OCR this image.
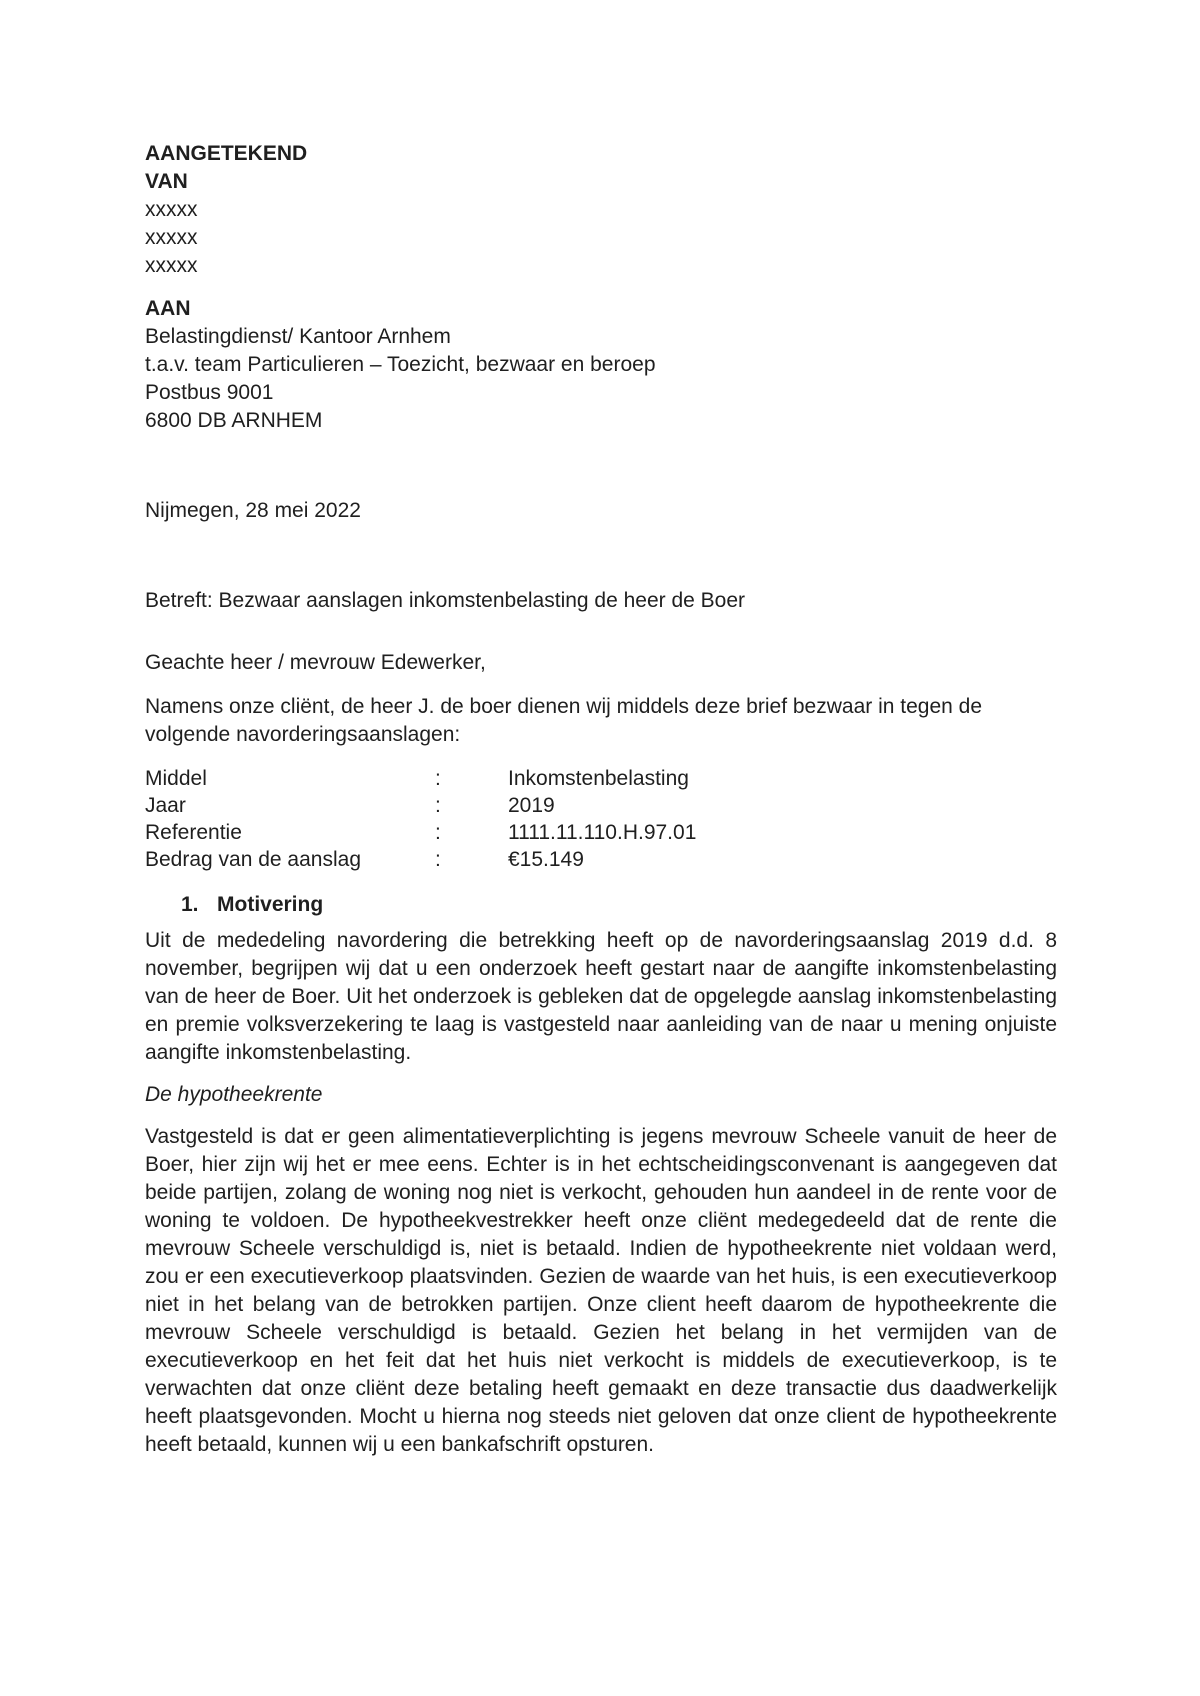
AANGETEKEND
VAN
xxxxx
xxxxx
xxxxx
AAN
Belastingdienst/ Kantoor Arnhem
t.a.v. team Particulieren – Toezicht, bezwaar en beroep
Postbus 9001
6800 DB ARNHEM

Nijmegen, 28 mei 2022

Betreft: Bezwaar aanslagen inkomstenbelasting de heer de Boer

Geachte heer / mevrouw Edewerker,

Namens onze cliënt, de heer J. de boer dienen wij middels deze brief bezwaar in tegen de volgende navorderingsaanslagen:

Middel	:	Inkomstenbelasting
Jaar	:	2019
Referentie	:	1111.11.110.H.97.01
Bedrag van de aanslag	:	€15.149
1. Motivering

Uit de mededeling navordering die betrekking heeft op de navorderingsaanslag 2019 d.d. 8 november, begrijpen wij dat u een onderzoek heeft gestart naar de aangifte inkomstenbelasting van de heer de Boer. Uit het onderzoek is gebleken dat de opgelegde aanslag inkomstenbelasting en premie volksverzekering te laag is vastgesteld naar aanleiding van de naar u mening onjuiste aangifte inkomstenbelasting.

De hypotheekrente

Vastgesteld is dat er geen alimentatieverplichting is jegens mevrouw Scheele vanuit de heer de Boer, hier zijn wij het er mee eens. Echter is in het echtscheidingsconvenant is aangegeven dat beide partijen, zolang de woning nog niet is verkocht, gehouden hun aandeel in de rente voor de woning te voldoen. De hypotheekvestrekker heeft onze cliënt medegedeeld dat de rente die mevrouw Scheele verschuldigd is, niet is betaald. Indien de hypotheekrente niet voldaan werd, zou er een executieverkoop plaatsvinden. Gezien de waarde van het huis, is een executieverkoop niet in het belang van de betrokken partijen. Onze client heeft daarom de hypotheekrente die mevrouw Scheele verschuldigd is betaald. Gezien het belang in het vermijden van de executieverkoop en het feit dat het huis niet verkocht is middels de executieverkoop, is te verwachten dat onze cliënt deze betaling heeft gemaakt en deze transactie dus daadwerkelijk heeft plaatsgevonden. Mocht u hierna nog steeds niet geloven dat onze client de hypotheekrente heeft betaald, kunnen wij u een bankafschrift opsturen.
